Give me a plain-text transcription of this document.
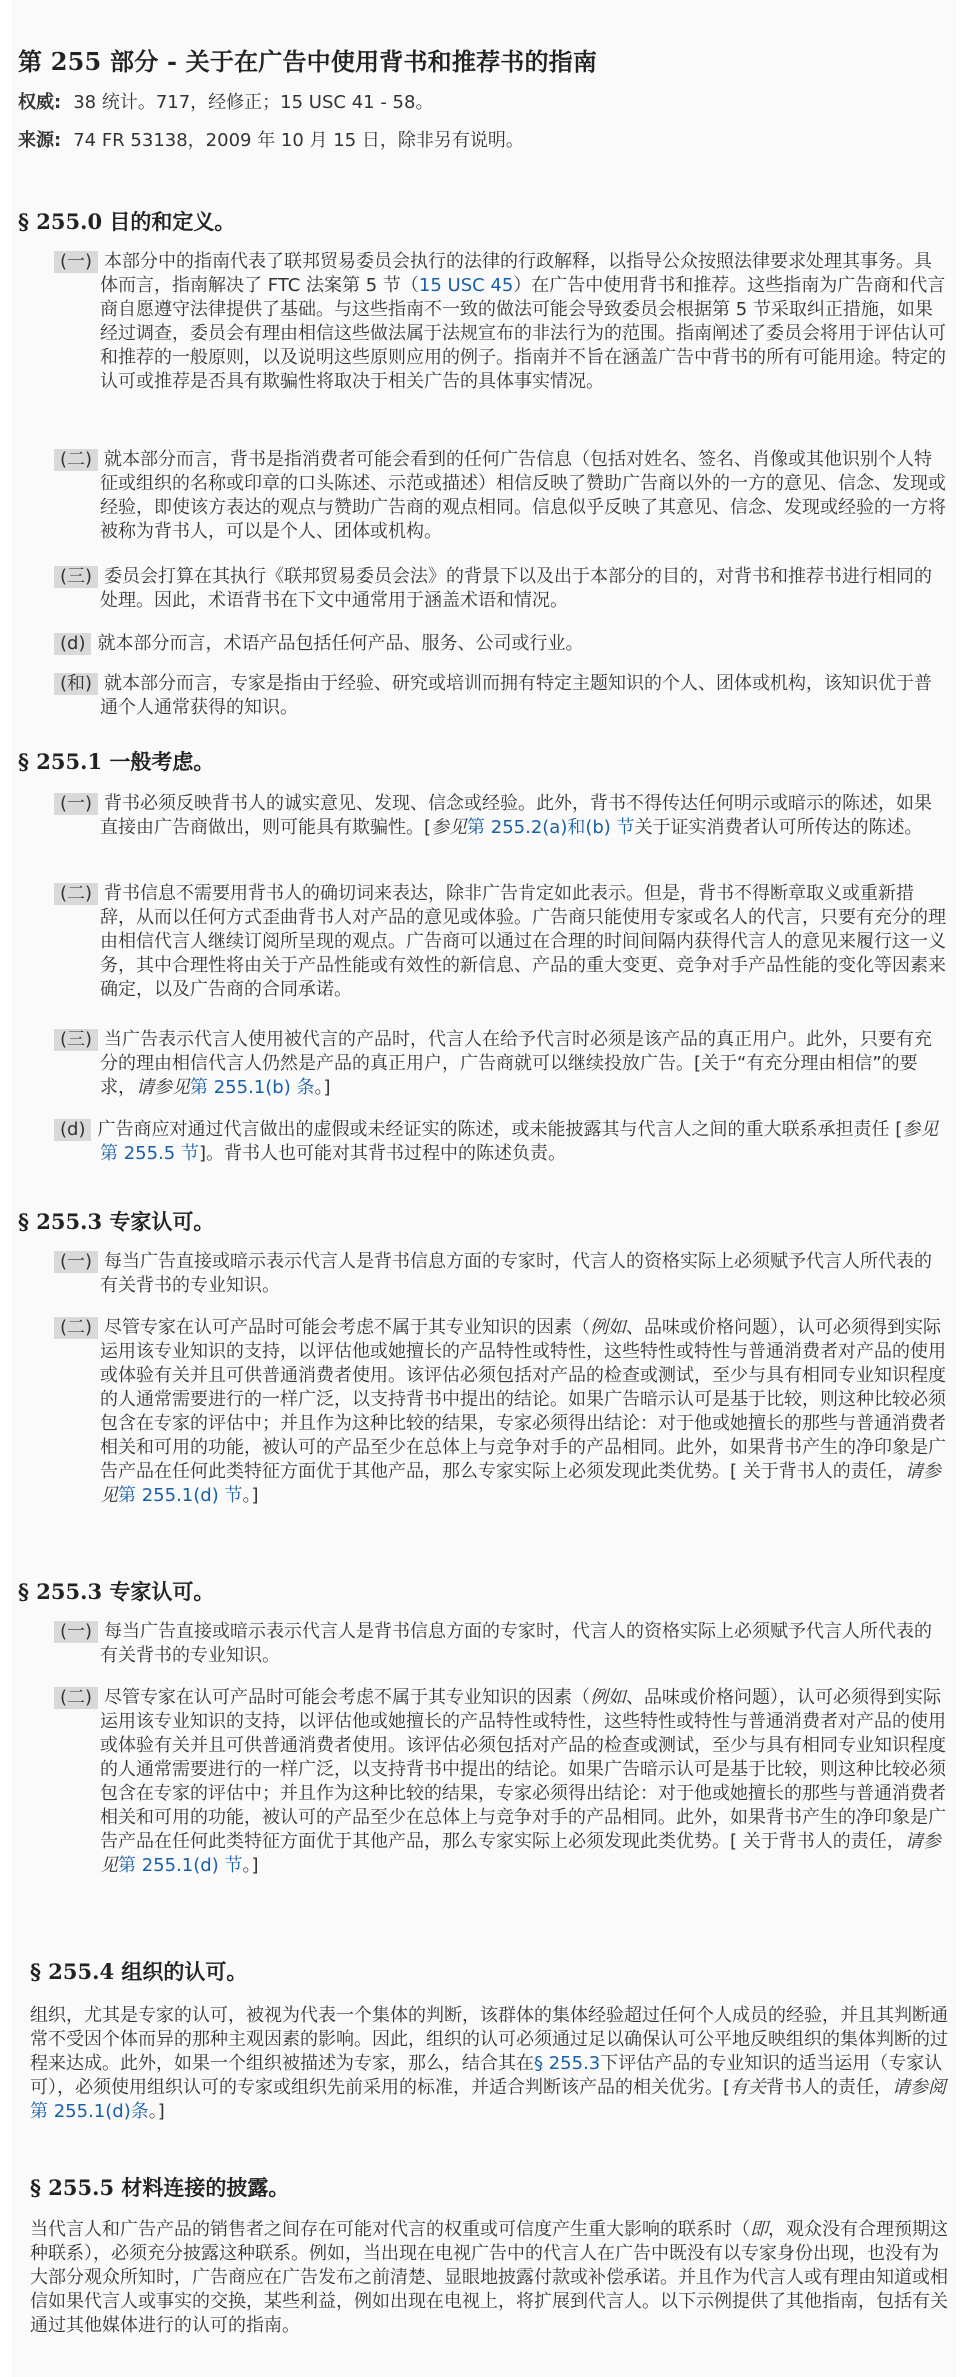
第 255 部分 - 关于在广告中使用背书和推荐书的指南
权威: 38 统计。717，经修正；15 USC 41 - 58。
来源: 74 FR 53138，2009 年 10 月 15 日，除非另有说明。
§ 255.0 目的和定义。
(一) 本部分中的指南代表了联邦贸易委员会执行的法律的行政解释，以指导公众按照法律要求处理其事务。具体而言，指南解决了 FTC 法案第 5 节（15 USC 45）在广告中使用背书和推荐。这些指南为广告商和代言商自愿遵守法律提供了基础。与这些指南不一致的做法可能会导致委员会根据第 5 节采取纠正措施，如果经过调查，委员会有理由相信这些做法属于法规宣布的非法行为的范围。指南阐述了委员会将用于评估认可和推荐的一般原则，以及说明这些原则应用的例子。指南并不旨在涵盖广告中背书的所有可能用途。特定的认可或推荐是否具有欺骗性将取决于相关广告的具体事实情况。
(二) 就本部分而言，背书是指消费者可能会看到的任何广告信息（包括对姓名、签名、肖像或其他识别个人特征或组织的名称或印章的口头陈述、示范或描述）相信反映了赞助广告商以外的一方的意见、信念、发现或经验，即使该方表达的观点与赞助广告商的观点相同。信息似乎反映了其意见、信念、发现或经验的一方将被称为背书人，可以是个人、团体或机构。
(三) 委员会打算在其执行《联邦贸易委员会法》的背景下以及出于本部分的目的，对背书和推荐书进行相同的处理。因此，术语背书在下文中通常用于涵盖术语和情况。
(d) 就本部分而言，术语产品包括任何产品、服务、公司或行业。
(和) 就本部分而言，专家是指由于经验、研究或培训而拥有特定主题知识的个人、团体或机构，该知识优于普通个人通常获得的知识。
§ 255.1 一般考虑。
(一) 背书必须反映背书人的诚实意见、发现、信念或经验。此外，背书不得传达任何明示或暗示的陈述，如果直接由广告商做出，则可能具有欺骗性。[参见第 255.2(a)和(b) 节关于证实消费者认可所传达的陈述。
(二) 背书信息不需要用背书人的确切词来表达，除非广告肯定如此表示。但是，背书不得断章取义或重新措辞，从而以任何方式歪曲背书人对产品的意见或体验。广告商只能使用专家或名人的代言，只要有充分的理由相信代言人继续订阅所呈现的观点。广告商可以通过在合理的时间间隔内获得代言人的意见来履行这一义务，其中合理性将由关于产品性能或有效性的新信息、产品的重大变更、竞争对手产品性能的变化等因素来确定，以及广告商的合同承诺。
(三) 当广告表示代言人使用被代言的产品时，代言人在给予代言时必须是该产品的真正用户。此外，只要有充分的理由相信代言人仍然是产品的真正用户，广告商就可以继续投放广告。[关于“有充分理由相信”的要求，请参见第 255.1(b) 条。]
(d) 广告商应对通过代言做出的虚假或未经证实的陈述，或未能披露其与代言人之间的重大联系承担责任 [参见第 255.5 节]。背书人也可能对其背书过程中的陈述负责。
§ 255.3 专家认可。
(一) 每当广告直接或暗示表示代言人是背书信息方面的专家时，代言人的资格实际上必须赋予代言人所代表的有关背书的专业知识。
(二) 尽管专家在认可产品时可能会考虑不属于其专业知识的因素（例如、品味或价格问题），认可必须得到实际运用该专业知识的支持，以评估他或她擅长的产品特性或特性，这些特性或特性与普通消费者对产品的使用或体验有关并且可供普通消费者使用。该评估必须包括对产品的检查或测试，至少与具有相同专业知识程度的人通常需要进行的一样广泛，以支持背书中提出的结论。如果广告暗示认可是基于比较，则这种比较必须包含在专家的评估中；并且作为这种比较的结果，专家必须得出结论：对于他或她擅长的那些与普通消费者相关和可用的功能，被认可的产品至少在总体上与竞争对手的产品相同。此外，如果背书产生的净印象是广告产品在任何此类特征方面优于其他产品，那么专家实际上必须发现此类优势。[ 关于背书人的责任，请参见第 255.1(d) 节。]
§ 255.3 专家认可。
(一) 每当广告直接或暗示表示代言人是背书信息方面的专家时，代言人的资格实际上必须赋予代言人所代表的有关背书的专业知识。
(二) 尽管专家在认可产品时可能会考虑不属于其专业知识的因素（例如、品味或价格问题），认可必须得到实际运用该专业知识的支持，以评估他或她擅长的产品特性或特性，这些特性或特性与普通消费者对产品的使用或体验有关并且可供普通消费者使用。该评估必须包括对产品的检查或测试，至少与具有相同专业知识程度的人通常需要进行的一样广泛，以支持背书中提出的结论。如果广告暗示认可是基于比较，则这种比较必须包含在专家的评估中；并且作为这种比较的结果，专家必须得出结论：对于他或她擅长的那些与普通消费者相关和可用的功能，被认可的产品至少在总体上与竞争对手的产品相同。此外，如果背书产生的净印象是广告产品在任何此类特征方面优于其他产品，那么专家实际上必须发现此类优势。[ 关于背书人的责任，请参见第 255.1(d) 节。]
§ 255.4 组织的认可。
组织，尤其是专家的认可，被视为代表一个集体的判断，该群体的集体经验超过任何个人成员的经验，并且其判断通常不受因个体而异的那种主观因素的影响。因此，组织的认可必须通过足以确保认可公平地反映组织的集体判断的过程来达成。此外，如果一个组织被描述为专家，那么，结合其在§ 255.3下评估产品的专业知识的适当运用（专家认可），必须使用组织认可的专家或组织先前采用的标准，并适合判断该产品的相关优劣。[有关背书人的责任，请参阅第 255.1(d)条。]
§ 255.5 材料连接的披露。
当代言人和广告产品的销售者之间存在可能对代言的权重或可信度产生重大影响的联系时（即，观众没有合理预期这种联系），必须充分披露这种联系。例如，当出现在电视广告中的代言人在广告中既没有以专家身份出现，也没有为大部分观众所知时，广告商应在广告发布之前清楚、显眼地披露付款或补偿承诺。并且作为代言人或有理由知道或相信如果代言人或事实的交换，某些利益，例如出现在电视上，将扩展到代言人。以下示例提供了其他指南，包括有关通过其他媒体进行的认可的指南。
